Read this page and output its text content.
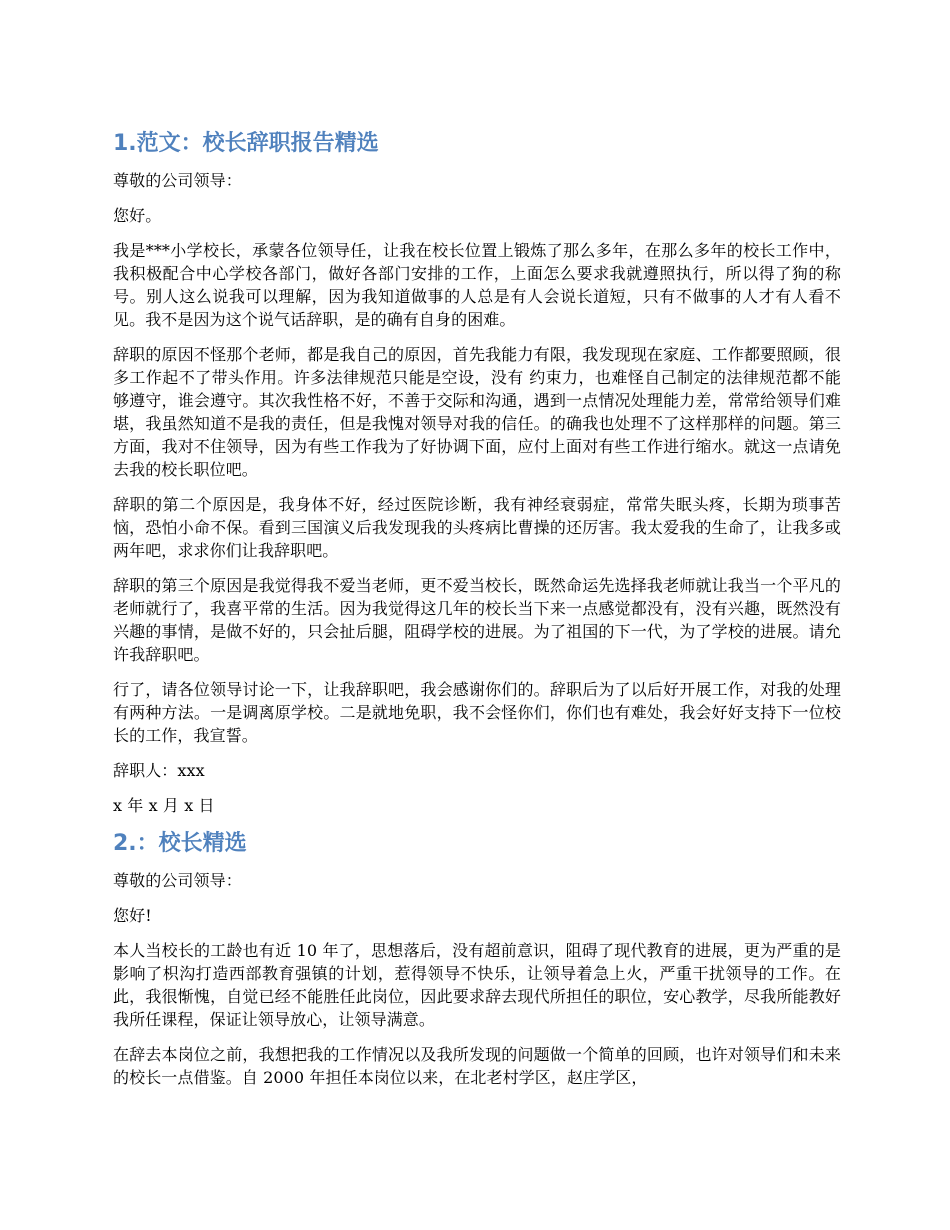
1.范文：校长辞职报告精选

尊敬的公司领导：

您好。

我是***小学校长，承蒙各位领导任，让我在校长位置上锻炼了那么多年，在那么多年的校长工作中，我积极配合中心学校各部门，做好各部门安排的工作，上面怎么要求我就遵照执行，所以得了狗的称号。别人这么说我可以理解，因为我知道做事的人总是有人会说长道短，只有不做事的人才有人看不见。我不是因为这个说气话辞职，是的确有自身的困难。

辞职的原因不怪那个老师，都是我自己的原因，首先我能力有限，我发现现在家庭、工作都要照顾，很多工作起不了带头作用。许多法律规范只能是空设，没有 约束力，也难怪自己制定的法律规范都不能够遵守，谁会遵守。其次我性格不好，不善于交际和沟通，遇到一点情况处理能力差，常常给领导们难堪，我虽然知道不是我的责任，但是我愧对领导对我的信任。的确我也处理不了这样那样的问题。第三方面，我对不住领导，因为有些工作我为了好协调下面，应付上面对有些工作进行缩水。就这一点请免去我的校长职位吧。

辞职的第二个原因是，我身体不好，经过医院诊断，我有神经衰弱症，常常失眠头疼，长期为琐事苦恼，恐怕小命不保。看到三国演义后我发现我的头疼病比曹操的还厉害。我太爱我的生命了，让我多或两年吧，求求你们让我辞职吧。

辞职的第三个原因是我觉得我不爱当老师，更不爱当校长，既然命运先选择我老师就让我当一个平凡的老师就行了，我喜平常的生活。因为我觉得这几年的校长当下来一点感觉都没有，没有兴趣，既然没有兴趣的事情，是做不好的，只会扯后腿，阻碍学校的进展。为了祖国的下一代，为了学校的进展。请允许我辞职吧。

行了，请各位领导讨论一下，让我辞职吧，我会感谢你们的。辞职后为了以后好开展工作，对我的处理有两种方法。一是调离原学校。二是就地免职，我不会怪你们，你们也有难处，我会好好支持下一位校长的工作，我宣誓。

辞职人：xxx

x 年 x 月 x 日

2.：校长精选

尊敬的公司领导：

您好!

本人当校长的工龄也有近 10 年了，思想落后，没有超前意识，阻碍了现代教育的进展，更为严重的是影响了枳沟打造西部教育强镇的计划，惹得领导不快乐，让领导着急上火，严重干扰领导的工作。在此，我很惭愧，自觉已经不能胜任此岗位，因此要求辞去现代所担任的职位，安心教学，尽我所能教好我所任课程，保证让领导放心，让领导满意。

在辞去本岗位之前，我想把我的工作情况以及我所发现的问题做一个简单的回顾，也许对领导们和未来的校长一点借鉴。自 2000 年担任本岗位以来，在北老村学区，赵庄学区，
